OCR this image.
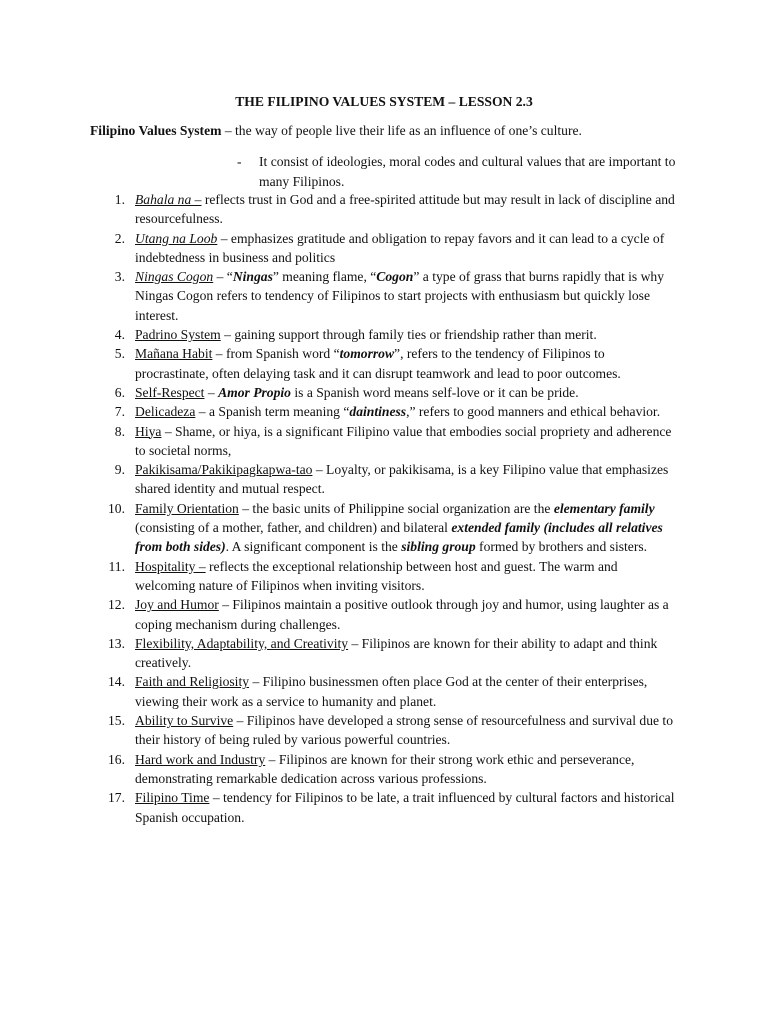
THE FILIPINO VALUES SYSTEM – LESSON 2.3
Filipino Values System – the way of people live their life as an influence of one’s culture.
- It consist of ideologies, moral codes and cultural values that are important to many Filipinos.
1. Bahala na – reflects trust in God and a free-spirited attitude but may result in lack of discipline and resourcefulness.
2. Utang na Loob – emphasizes gratitude and obligation to repay favors and it can lead to a cycle of indebtedness in business and politics
3. Ningas Cogon – “Ningas” meaning flame, “Cogon” a type of grass that burns rapidly that is why Ningas Cogon refers to tendency of Filipinos to start projects with enthusiasm but quickly lose interest.
4. Padrino System – gaining support through family ties or friendship rather than merit.
5. Mañana Habit – from Spanish word “tomorrow”, refers to the tendency of Filipinos to procrastinate, often delaying task and it can disrupt teamwork and lead to poor outcomes.
6. Self-Respect – Amor Propio is a Spanish word means self-love or it can be pride.
7. Delicadeza – a Spanish term meaning “daintiness,” refers to good manners and ethical behavior.
8. Hiya – Shame, or hiya, is a significant Filipino value that embodies social propriety and adherence to societal norms,
9. Pakikisama/Pakikipagkapwa-tao – Loyalty, or pakikisama, is a key Filipino value that emphasizes shared identity and mutual respect.
10. Family Orientation – the basic units of Philippine social organization are the elementary family (consisting of a mother, father, and children) and bilateral extended family (includes all relatives from both sides). A significant component is the sibling group formed by brothers and sisters.
11. Hospitality – reflects the exceptional relationship between host and guest. The warm and welcoming nature of Filipinos when inviting visitors.
12. Joy and Humor – Filipinos maintain a positive outlook through joy and humor, using laughter as a coping mechanism during challenges.
13. Flexibility, Adaptability, and Creativity – Filipinos are known for their ability to adapt and think creatively.
14. Faith and Religiosity – Filipino businessmen often place God at the center of their enterprises, viewing their work as a service to humanity and planet.
15. Ability to Survive – Filipinos have developed a strong sense of resourcefulness and survival due to their history of being ruled by various powerful countries.
16. Hard work and Industry – Filipinos are known for their strong work ethic and perseverance, demonstrating remarkable dedication across various professions.
17. Filipino Time – tendency for Filipinos to be late, a trait influenced by cultural factors and historical Spanish occupation.
